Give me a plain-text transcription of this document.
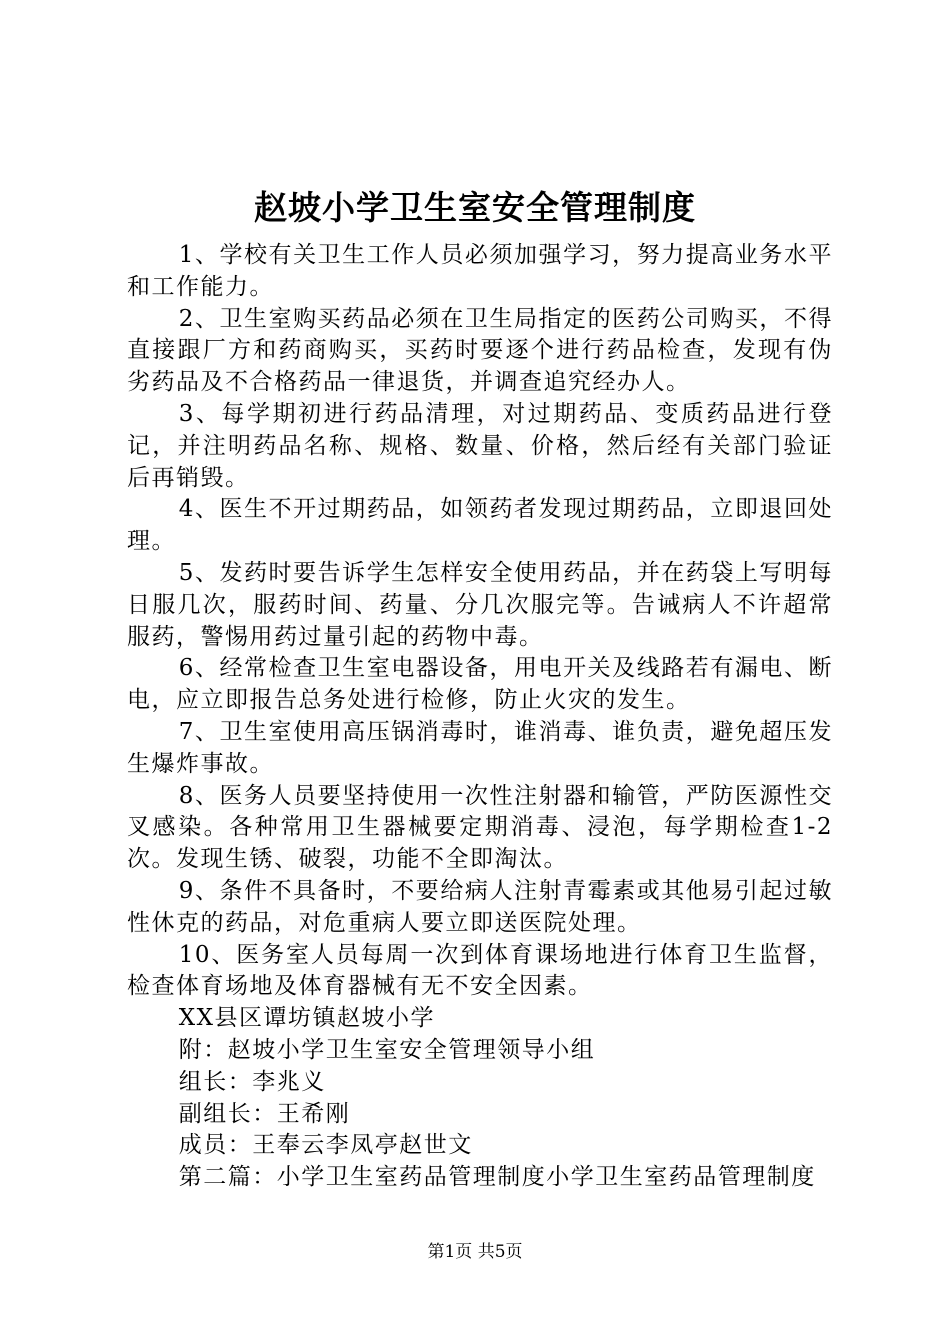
赵坡小学卫生室安全管理制度

1、学校有关卫生工作人员必须加强学习，努力提高业务水平和工作能力。

2、卫生室购买药品必须在卫生局指定的医药公司购买，不得直接跟厂方和药商购买，买药时要逐个进行药品检查，发现有伪劣药品及不合格药品一律退货，并调查追究经办人。

3、每学期初进行药品清理，对过期药品、变质药品进行登记，并注明药品名称、规格、数量、价格，然后经有关部门验证后再销毁。

4、医生不开过期药品，如领药者发现过期药品，立即退回处理。

5、发药时要告诉学生怎样安全使用药品，并在药袋上写明每日服几次，服药时间、药量、分几次服完等。告诫病人不许超常服药，警惕用药过量引起的药物中毒。

6、经常检查卫生室电器设备，用电开关及线路若有漏电、断电，应立即报告总务处进行检修，防止火灾的发生。

7、卫生室使用高压锅消毒时，谁消毒、谁负责，避免超压发生爆炸事故。

8、医务人员要坚持使用一次性注射器和输管，严防医源性交叉感染。各种常用卫生器械要定期消毒、浸泡，每学期检查1-2次。发现生锈、破裂，功能不全即淘汰。

9、条件不具备时，不要给病人注射青霉素或其他易引起过敏性休克的药品，对危重病人要立即送医院处理。

10、医务室人员每周一次到体育课场地进行体育卫生监督，检查体育场地及体育器械有无不安全因素。

XX县区谭坊镇赵坡小学

附：赵坡小学卫生室安全管理领导小组

组长：李兆义

副组长：王希刚

成员：王奉云李凤亭赵世文

第二篇：小学卫生室药品管理制度小学卫生室药品管理制度

第1页 共5页
